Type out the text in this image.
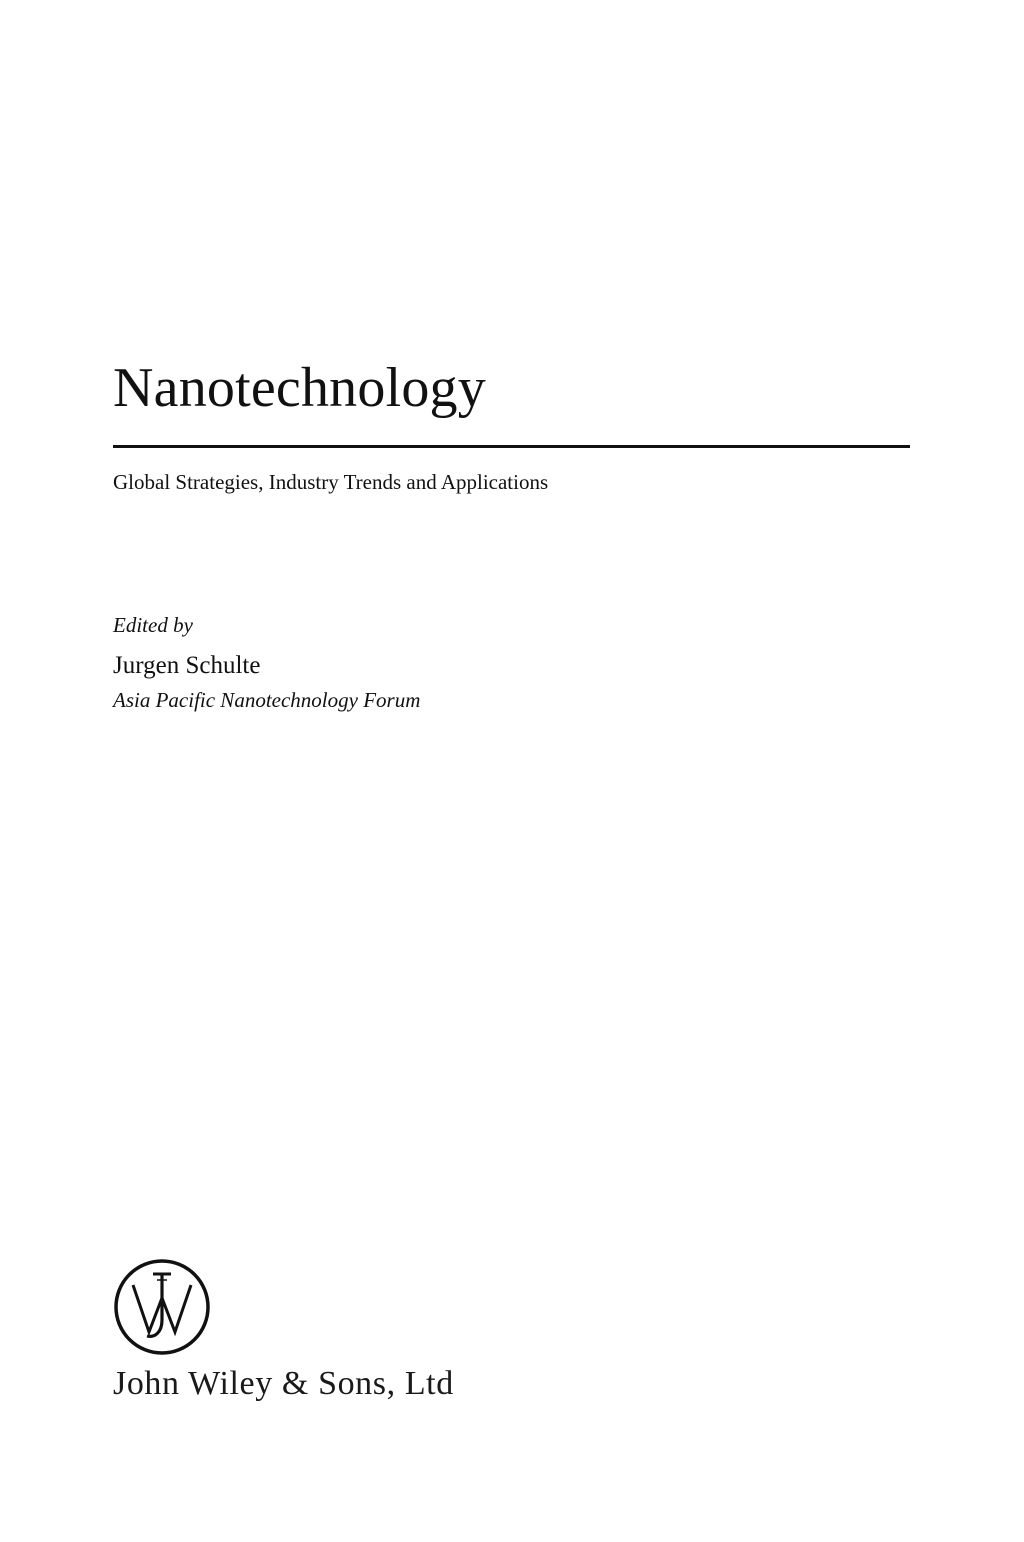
Nanotechnology
Global Strategies, Industry Trends and Applications
Edited by
Jurgen Schulte
Asia Pacific Nanotechnology Forum
John Wiley & Sons, Ltd
